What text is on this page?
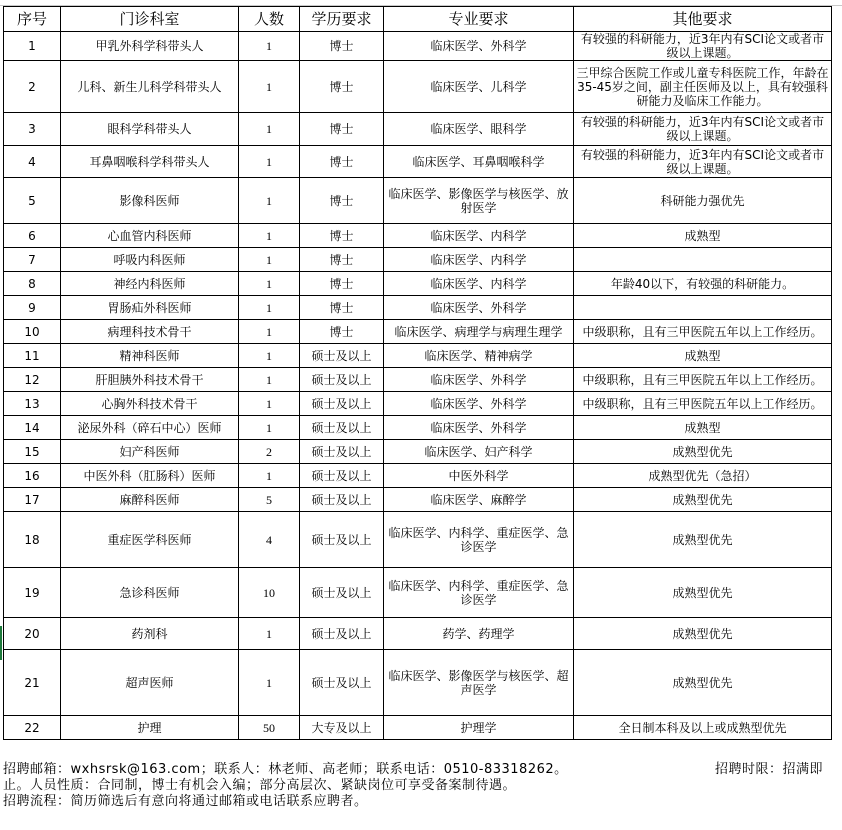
序号	门诊科室	人数	学历要求	专业要求	其他要求
1	甲乳外科学科带头人	1	博士	临床医学、外科学	有较强的科研能力，近3年内有SCI论文或者市级以上课题。
2	儿科、新生儿科学科带头人	1	博士	临床医学、儿科学	三甲综合医院工作或儿童专科医院工作，年龄在35-45岁之间，副主任医师及以上，具有较强科研能力及临床工作能力。
3	眼科学科带头人	1	博士	临床医学、眼科学	有较强的科研能力，近3年内有SCI论文或者市级以上课题。
4	耳鼻咽喉科学科带头人	1	博士	临床医学、耳鼻咽喉科学	有较强的科研能力，近3年内有SCI论文或者市级以上课题。
5	影像科医师	1	博士	临床医学、影像医学与核医学、放射医学	科研能力强优先
6	心血管内科医师	1	博士	临床医学、内科学	成熟型
7	呼吸内科医师	1	博士	临床医学、内科学	
8	神经内科医师	1	博士	临床医学、内科学	年龄40以下，有较强的科研能力。
9	胃肠疝外科医师	1	博士	临床医学、外科学	
10	病理科技术骨干	1	博士	临床医学、病理学与病理生理学	中级职称，且有三甲医院五年以上工作经历。
11	精神科医师	1	硕士及以上	临床医学、精神病学	成熟型
12	肝胆胰外科技术骨干	1	硕士及以上	临床医学、外科学	中级职称，且有三甲医院五年以上工作经历。
13	心胸外科技术骨干	1	硕士及以上	临床医学、外科学	中级职称，且有三甲医院五年以上工作经历。
14	泌尿外科（碎石中心）医师	1	硕士及以上	临床医学、外科学	成熟型
15	妇产科医师	2	硕士及以上	临床医学、妇产科学	成熟型优先
16	中医外科（肛肠科）医师	1	硕士及以上	中医外科学	成熟型优先（急招）
17	麻醉科医师	5	硕士及以上	临床医学、麻醉学	成熟型优先
18	重症医学科医师	4	硕士及以上	临床医学、内科学、重症医学、急诊医学	成熟型优先
19	急诊科医师	10	硕士及以上	临床医学、内科学、重症医学、急诊医学	成熟型优先
20	药剂科	1	硕士及以上	药学、药理学	成熟型优先
21	超声医师	1	硕士及以上	临床医学、影像医学与核医学、超声医学	成熟型优先
22	护理	50	大专及以上	护理学	全日制本科及以上或成熟型优先
招聘邮箱：wxhsrsk@163.com；联系人：林老师、高老师；联系电话：0510-83318262。	招聘时限：招满即
止。人员性质：合同制，博士有机会入编；部分高层次、紧缺岗位可享受备案制待遇。
招聘流程：简历筛选后有意向将通过邮箱或电话联系应聘者。
